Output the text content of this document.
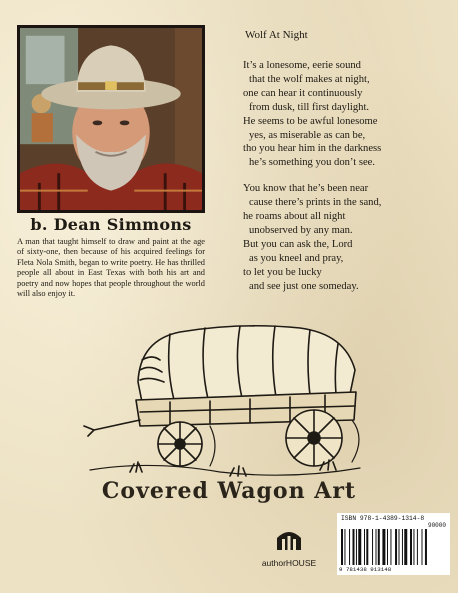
b. Dean Simmons
A man that taught himself to draw and paint at the age of sixty-one, then because of his acquired feelings for Fleta Nola Smith, began to write poetry. He has thrilled people all about in East Texas with both his art and poetry and now hopes that people throughout the world will also enjoy it.
Wolf At Night
It’s a lonesome, eerie sound
that the wolf makes at night,
one can hear it continuously
from dusk, till first daylight.
He seems to be awful lonesome
yes, as miserable as can be,
tho you hear him in the darkness
he’s something you don’t see.
You know that he’s been near
cause there’s prints in the sand,
he roams about all night
unobserved by any man.
But you can ask the, Lord
as you kneel and pray,
to let you be lucky
and see just one someday.
Covered Wagon Art
authorHOUSE
ISBN 978-1-4389-1314-8
90000
9 781438 913148
